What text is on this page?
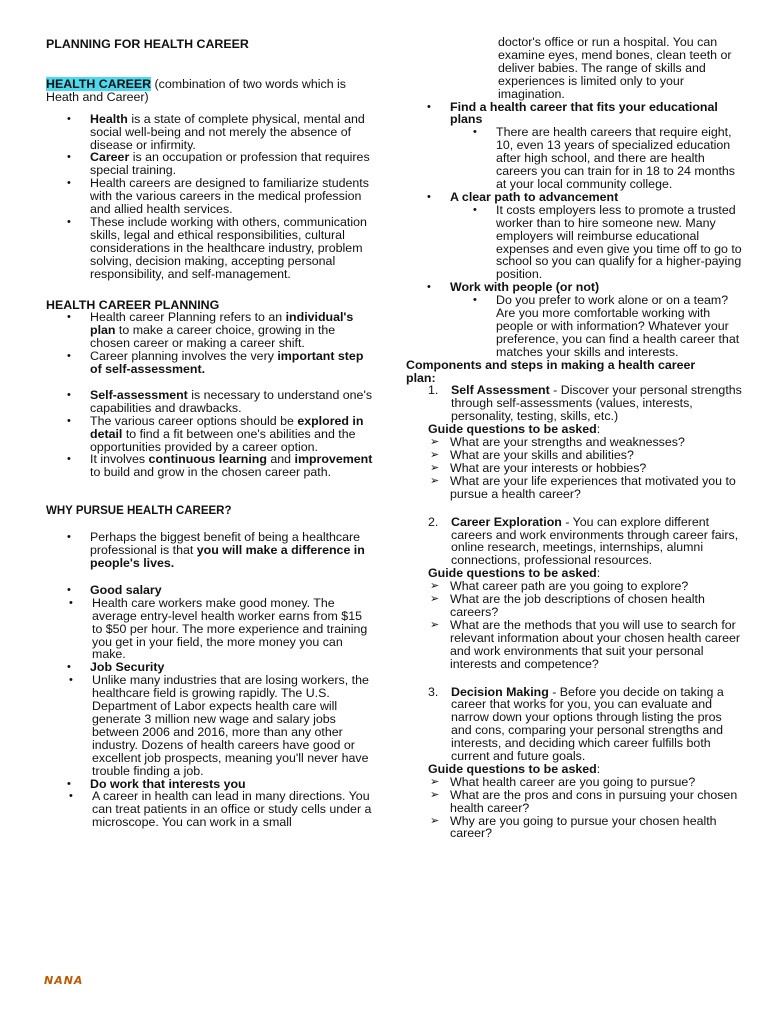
PLANNING FOR HEALTH CAREER

HEALTH CAREER (combination of two words which is Heath and Career)

• Health is a state of complete physical, mental and social well-being and not merely the absence of disease or infirmity.
• Career is an occupation or profession that requires special training.
• Health careers are designed to familiarize students with the various careers in the medical profession and allied health services.
• These include working with others, communication skills, legal and ethical responsibilities, cultural considerations in the healthcare industry, problem solving, decision making, accepting personal responsibility, and self-management.

HEALTH CAREER PLANNING

• Health career Planning refers to an individual's plan to make a career choice, growing in the chosen career or making a career shift.
• Career planning involves the very important step of self-assessment.
• Self-assessment is necessary to understand one's capabilities and drawbacks.
• The various career options should be explored in detail to find a fit between one's abilities and the opportunities provided by a career option.
• It involves continuous learning and improvement to build and grow in the chosen career path.

WHY PURSUE HEALTH CAREER?

• Perhaps the biggest benefit of being a healthcare professional is that you will make a difference in people's lives.
• Good salary
• Health care workers make good money. The average entry-level health worker earns from $15 to $50 per hour. The more experience and training you get in your field, the more money you can make.
• Job Security
• Unlike many industries that are losing workers, the healthcare field is growing rapidly. The U.S. Department of Labor expects health care will generate 3 million new wage and salary jobs between 2006 and 2016, more than any other industry. Dozens of health careers have good or excellent job prospects, meaning you'll never have trouble finding a job.
• Do work that interests you
• A career in health can lead in many directions. You can treat patients in an office or study cells under a microscope. You can work in a small

doctor's office or run a hospital. You can examine eyes, mend bones, clean teeth or deliver babies. The range of skills and experiences is limited only to your imagination.

• Find a health career that fits your educational plans
• There are health careers that require eight, 10, even 13 years of specialized education after high school, and there are health careers you can train for in 18 to 24 months at your local community college.
• A clear path to advancement
• It costs employers less to promote a trusted worker than to hire someone new. Many employers will reimburse educational expenses and even give you time off to go to school so you can qualify for a higher-paying position.
• Work with people (or not)
• Do you prefer to work alone or on a team? Are you more comfortable working with people or with information? Whatever your preference, you can find a health career that matches your skills and interests.

Components and steps in making a health career plan:

1. Self Assessment - Discover your personal strengths through self-assessments (values, interests, personality, testing, skills, etc.)

Guide questions to be asked:

➢ What are your strengths and weaknesses?
➢ What are your skills and abilities?
➢ What are your interests or hobbies?
➢ What are your life experiences that motivated you to pursue a health career?
2. Career Exploration - You can explore different careers and work environments through career fairs, online research, meetings, internships, alumni connections, professional resources.

Guide questions to be asked:

➢ What career path are you going to explore?
➢ What are the job descriptions of chosen health careers?
➢ What are the methods that you will use to search for relevant information about your chosen health career and work environments that suit your personal interests and competence?
3. Decision Making - Before you decide on taking a career that works for you, you can evaluate and narrow down your options through listing the pros and cons, comparing your personal strengths and interests, and deciding which career fulfills both current and future goals.

Guide questions to be asked:

➢ What health career are you going to pursue?
➢ What are the pros and cons in pursuing your chosen health career?
➢ Why are you going to pursue your chosen health career?
NANA
